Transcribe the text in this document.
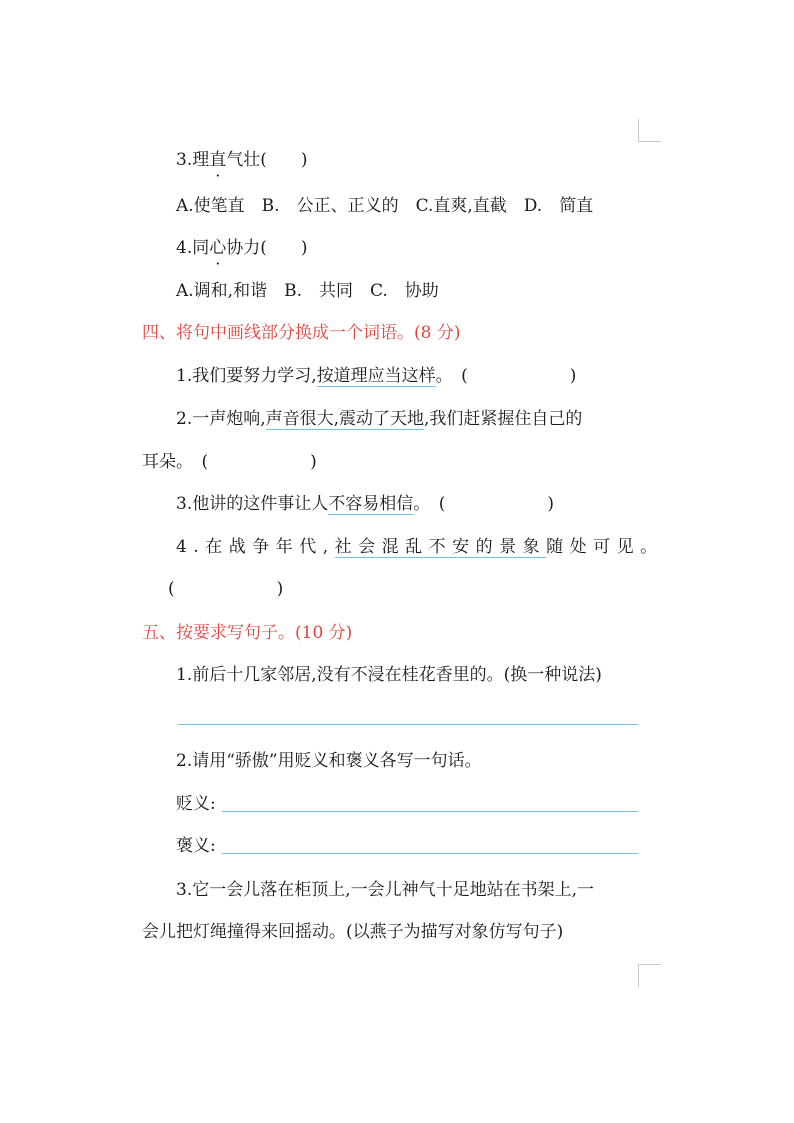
3.理直气壮(　　)
A.使笔直　B.　公正、正义的　C.直爽,直截　D.　简直
4.同心协力(　　)
A.调和,和谐　B.　共同　C.　协助
四、将句中画线部分换成一个词语。(8 分)
1.我们要努力学习,按道理应当这样。　(　　　　　　)
2.一声炮响,声音很大,震动了天地,我们赶紧握住自己的
耳朵。　(　　　　　　)
3.他讲的这件事让人不容易相信。　(　　　　　　)
4.在战争年代,社会混乱不安的景象随处可见。
(　　　　　　)
五、按要求写句子。(10 分)
1.前后十几家邻居,没有不浸在桂花香里的。(换一种说法)
2.请用“骄傲”用贬义和褒义各写一句话。
贬义:
褒义:
3.它一会儿落在柜顶上,一会儿神气十足地站在书架上,一
会儿把灯绳撞得来回摇动。(以燕子为描写对象仿写句子)
